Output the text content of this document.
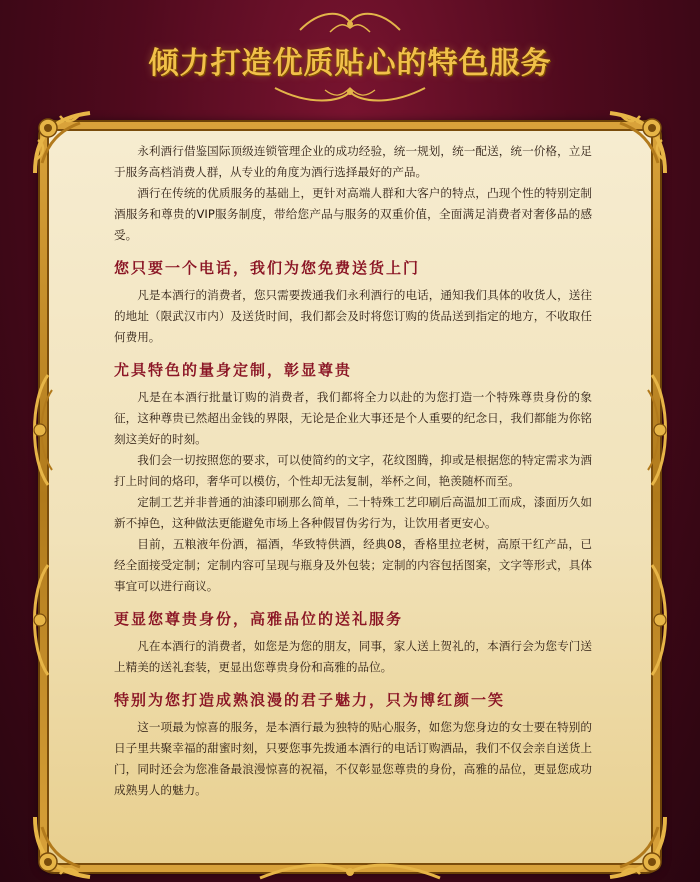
倾力打造优质贴心的特色服务

永利酒行借鉴国际顶级连锁管理企业的成功经验，统一规划，统一配送，统一价格，立足于服务高档消费人群，从专业的角度为酒行选择最好的产品。

酒行在传统的优质服务的基础上，更针对高端人群和大客户的特点，凸现个性的特别定制酒服务和尊贵的VIP服务制度，带给您产品与服务的双重价值，全面满足消费者对奢侈品的感受。

您只要一个电话，我们为您免费送货上门

凡是本酒行的消费者，您只需要拨通我们永利酒行的电话，通知我们具体的收货人，送往的地址（限武汉市内）及送货时间，我们都会及时将您订购的货品送到指定的地方，不收取任何费用。

尤具特色的量身定制，彰显尊贵

凡是在本酒行批量订购的消费者，我们都将全力以赴的为您打造一个特殊尊贵身份的象征，这种尊贵已然超出金钱的界限，无论是企业大事还是个人重要的纪念日，我们都能为你铭刻这美好的时刻。

我们会一切按照您的要求，可以使简约的文字，花纹图腾，抑或是根据您的特定需求为酒打上时间的烙印，奢华可以模仿，个性却无法复制，举杯之间，艳羡随杯而至。

定制工艺并非普通的油漆印刷那么简单，二十特殊工艺印刷后高温加工而成，漆面历久如新不掉色，这种做法更能避免市场上各种假冒伪劣行为，让饮用者更安心。

目前，五粮液年份酒，福酒，华致特供酒，经典08，香格里拉老树，高原干红产品，已经全面接受定制；定制内容可呈现与瓶身及外包装；定制的内容包括图案，文字等形式，具体事宜可以进行商议。

更显您尊贵身份，高雅品位的送礼服务

凡在本酒行的消费者，如您是为您的朋友，同事，家人送上贺礼的，本酒行会为您专门送上精美的送礼套装，更显出您尊贵身份和高雅的品位。

特别为您打造成熟浪漫的君子魅力，只为博红颜一笑

这一项最为惊喜的服务，是本酒行最为独特的贴心服务，如您为您身边的女士要在特别的日子里共聚幸福的甜蜜时刻，只要您事先拨通本酒行的电话订购酒品，我们不仅会亲自送货上门，同时还会为您准备最浪漫惊喜的祝福，不仅彰显您尊贵的身份，高雅的品位，更显您成功成熟男人的魅力。
